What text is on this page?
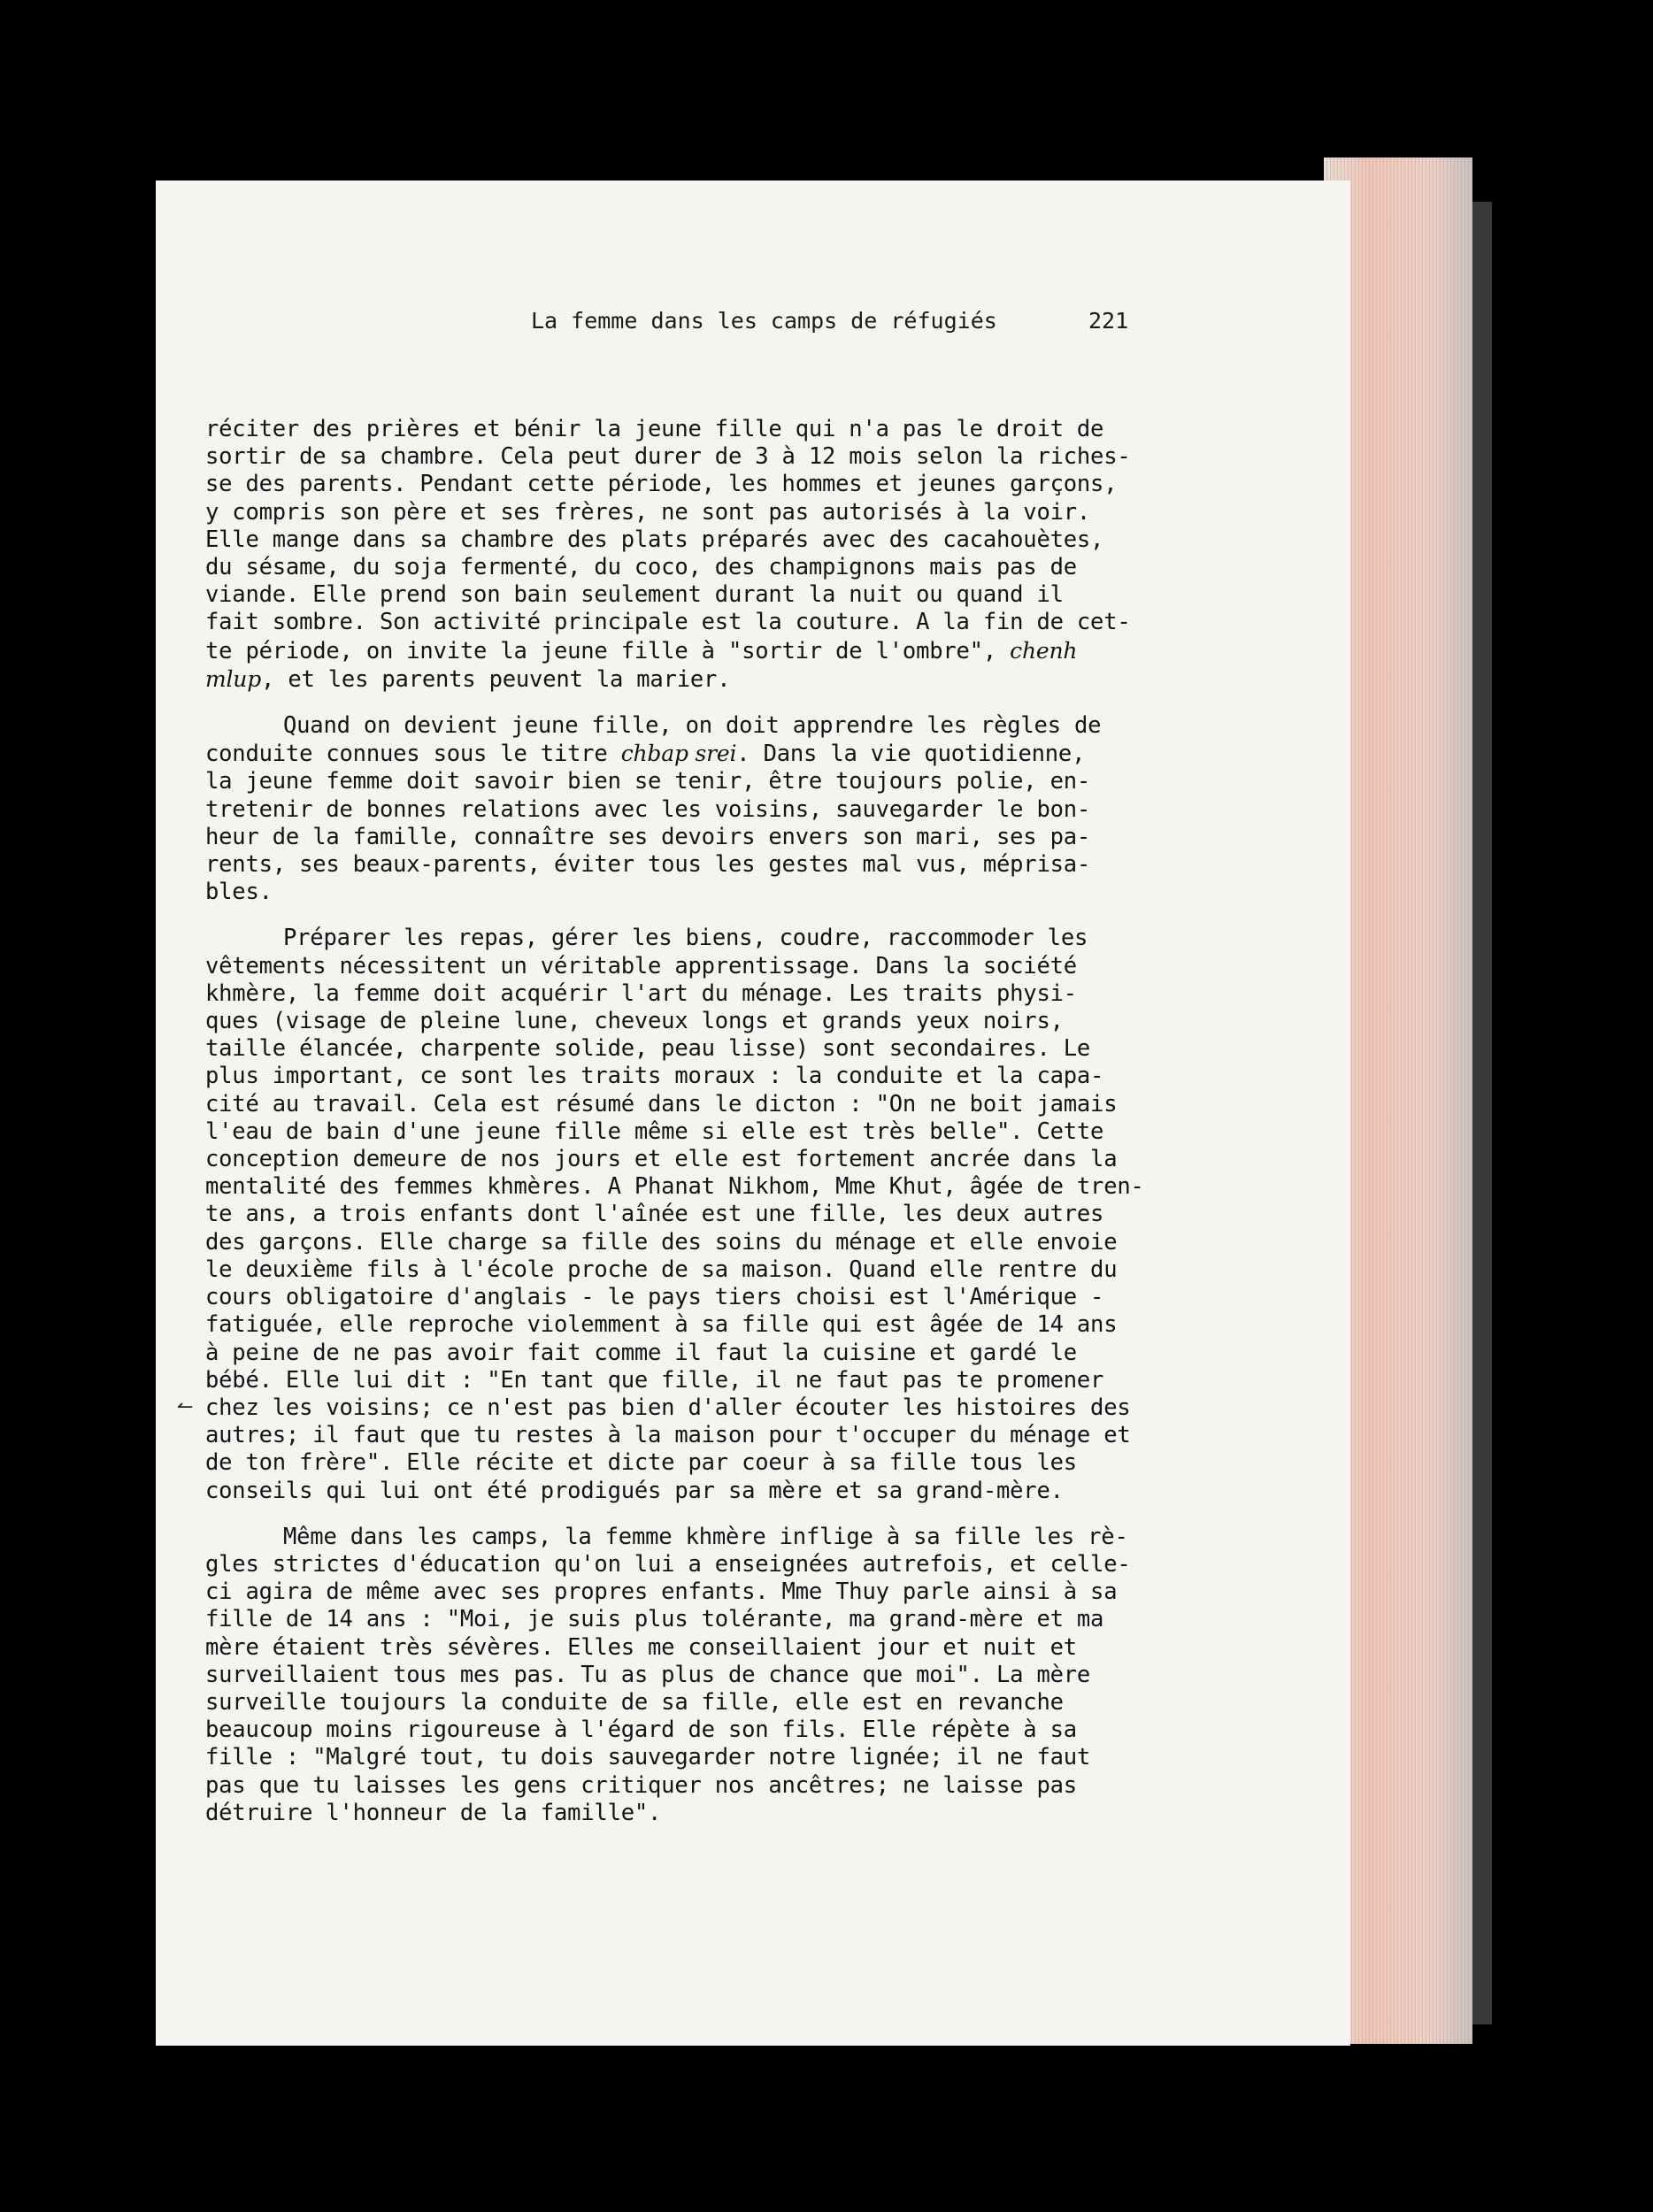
La femme dans les camps de réfugiés	221
↼
réciter des prières et bénir la jeune fille qui n'a pas le droit de
sortir de sa chambre. Cela peut durer de 3 à 12 mois selon la riches-
se des parents. Pendant cette période, les hommes et jeunes garçons,
y compris son père et ses frères, ne sont pas autorisés à la voir.
Elle mange dans sa chambre des plats préparés avec des cacahouètes,
du sésame, du soja fermenté, du coco, des champignons mais pas de
viande. Elle prend son bain seulement durant la nuit ou quand il
fait sombre. Son activité principale est la couture. A la fin de cet-
te période, on invite la jeune fille à "sortir de l'ombre", chenh
mlup, et les parents peuvent la marier.
Quand on devient jeune fille, on doit apprendre les règles de
conduite connues sous le titre chbap srei. Dans la vie quotidienne,
la jeune femme doit savoir bien se tenir, être toujours polie, en-
tretenir de bonnes relations avec les voisins, sauvegarder le bon-
heur de la famille, connaître ses devoirs envers son mari, ses pa-
rents, ses beaux-parents, éviter tous les gestes mal vus, méprisa-
bles.
Préparer les repas, gérer les biens, coudre, raccommoder les
vêtements nécessitent un véritable apprentissage. Dans la société
khmère, la femme doit acquérir l'art du ménage. Les traits physi-
ques (visage de pleine lune, cheveux longs et grands yeux noirs,
taille élancée, charpente solide, peau lisse) sont secondaires. Le
plus important, ce sont les traits moraux : la conduite et la capa-
cité au travail. Cela est résumé dans le dicton : "On ne boit jamais
l'eau de bain d'une jeune fille même si elle est très belle". Cette
conception demeure de nos jours et elle est fortement ancrée dans la
mentalité des femmes khmères. A Phanat Nikhom, Mme Khut, âgée de tren-
te ans, a trois enfants dont l'aînée est une fille, les deux autres
des garçons. Elle charge sa fille des soins du ménage et elle envoie
le deuxième fils à l'école proche de sa maison. Quand elle rentre du
cours obligatoire d'anglais - le pays tiers choisi est l'Amérique -
fatiguée, elle reproche violemment à sa fille qui est âgée de 14 ans
à peine de ne pas avoir fait comme il faut la cuisine et gardé le
bébé. Elle lui dit : "En tant que fille, il ne faut pas te promener
chez les voisins; ce n'est pas bien d'aller écouter les histoires des
autres; il faut que tu restes à la maison pour t'occuper du ménage et
de ton frère". Elle récite et dicte par coeur à sa fille tous les
conseils qui lui ont été prodigués par sa mère et sa grand-mère.
Même dans les camps, la femme khmère inflige à sa fille les rè-
gles strictes d'éducation qu'on lui a enseignées autrefois, et celle-
ci agira de même avec ses propres enfants. Mme Thuy parle ainsi à sa
fille de 14 ans : "Moi, je suis plus tolérante, ma grand-mère et ma
mère étaient très sévères. Elles me conseillaient jour et nuit et
surveillaient tous mes pas. Tu as plus de chance que moi". La mère
surveille toujours la conduite de sa fille, elle est en revanche
beaucoup moins rigoureuse à l'égard de son fils. Elle répète à sa
fille : "Malgré tout, tu dois sauvegarder notre lignée; il ne faut
pas que tu laisses les gens critiquer nos ancêtres; ne laisse pas
détruire l'honneur de la famille".
